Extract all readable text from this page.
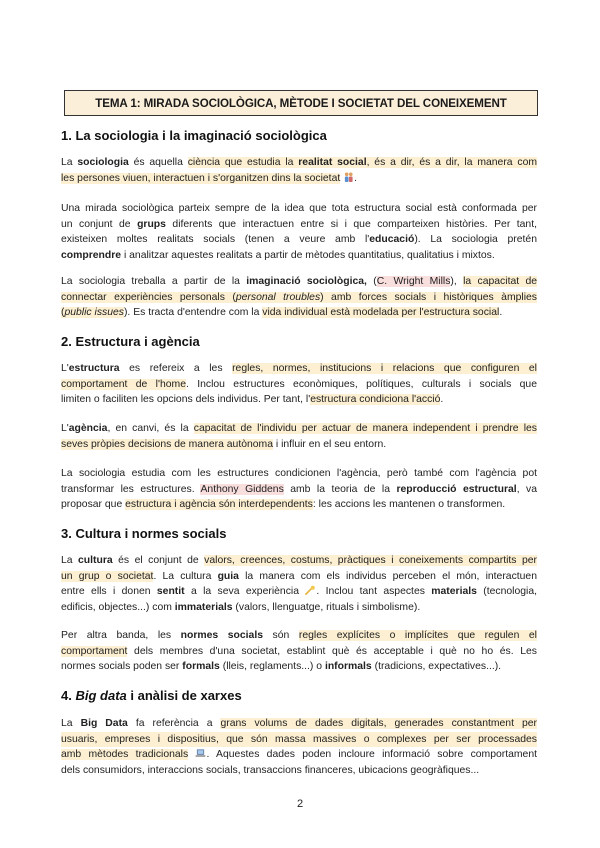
TEMA 1: MIRADA SOCIOLÒGICA, MÈTODE I SOCIETAT DEL CONEIXEMENT
1. La sociologia i la imaginació sociològica
La sociologia és aquella ciència que estudia la realitat social, és a dir, és a dir, la manera com
les persones viuen, interactuen i s'organitzen dins la societat .
Una mirada sociològica parteix sempre de la idea que tota estructura social està conformada per
un conjunt de grups diferents que interactuen entre si i que comparteixen històries. Per tant,
existeixen moltes realitats socials (tenen a veure amb l'educació). La sociologia pretén
comprendre i analitzar aquestes realitats a partir de mètodes quantitatius, qualitatius i mixtos.
La sociologia treballa a partir de la imaginació sociològica, (C. Wright Mills), la capacitat de
connectar experiències personals (personal troubles) amb forces socials i històriques àmplies
(public issues). Es tracta d'entendre com la vida individual està modelada per l'estructura social.
2. Estructura i agència
L'estructura es refereix a les regles, normes, institucions i relacions que configuren el
comportament de l'home. Inclou estructures econòmiques, polítiques, culturals i socials que
limiten o faciliten les opcions dels individus. Per tant, l'estructura condiciona l'acció.
L'agència, en canvi, és la capacitat de l'individu per actuar de manera independent i prendre les
seves pròpies decisions de manera autònoma i influir en el seu entorn.
La sociologia estudia com les estructures condicionen l'agència, però també com l'agència pot
transformar les estructures. Anthony Giddens amb la teoria de la reproducció estructural, va
proposar que estructura i agència són interdependents: les accions les mantenen o transformen.
3. Cultura i normes socials
La cultura és el conjunt de valors, creences, costums, pràctiques i coneixements compartits per
un grup o societat. La cultura guia la manera com els individus perceben el món, interactuen
entre ells i donen sentit a la seva experiència . Inclou tant aspectes materials (tecnologia,
edificis, objectes...) com immaterials (valors, llenguatge, rituals i simbolisme).
Per altra banda, les normes socials són regles explícites o implícites que regulen el
comportament dels membres d'una societat, establint què és acceptable i què no ho és. Les
normes socials poden ser formals (lleis, reglaments...) o informals (tradicions, expectatives...).
4. Big data i anàlisi de xarxes
La Big Data fa referència a grans volums de dades digitals, generades constantment per
usuaris, empreses i dispositius, que són massa massives o complexes per ser processades
amb mètodes tradicionals . Aquestes dades poden incloure informació sobre comportament
dels consumidors, interaccions socials, transaccions financeres, ubicacions geogràfiques...
2
